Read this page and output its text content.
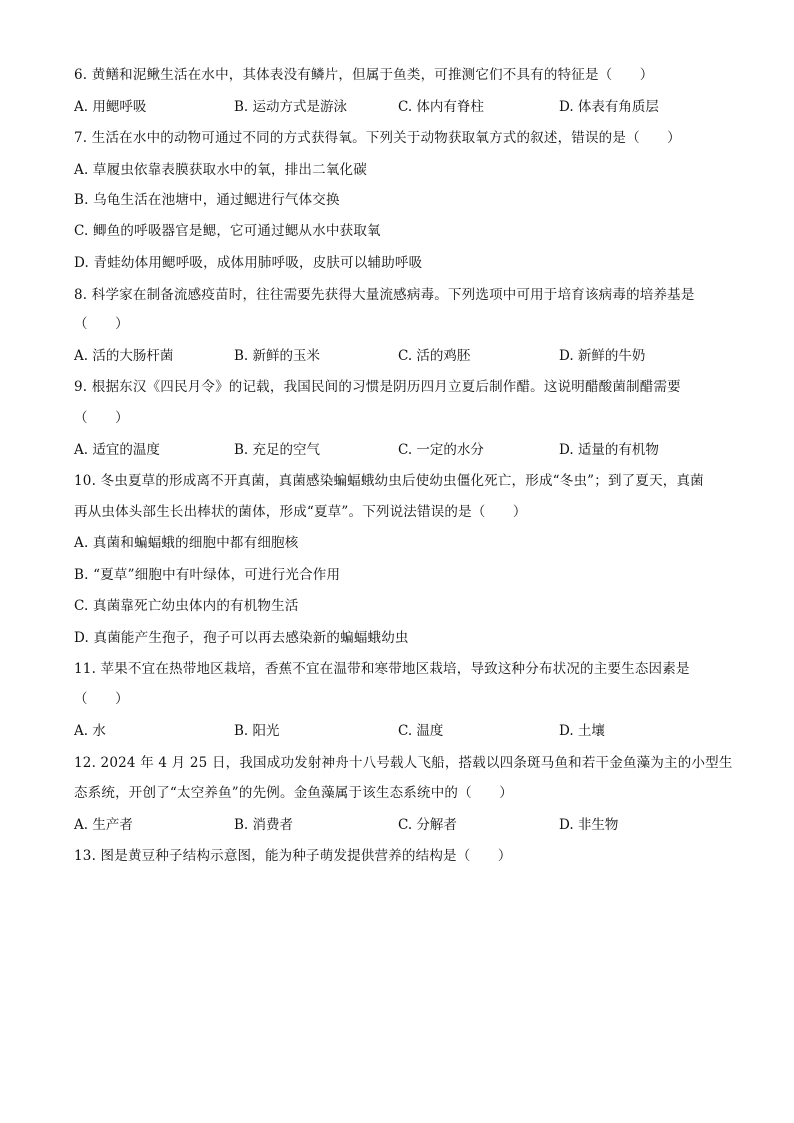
6. 黄鳝和泥鳅生活在水中，其体表没有鳞片，但属于鱼类，可推测它们不具有的特征是（　　）
A. 用鳃呼吸	B. 运动方式是游泳	C. 体内有脊柱	D. 体表有角质层
7. 生活在水中的动物可通过不同的方式获得氧。下列关于动物获取氧方式的叙述，错误的是（　　）
A. 草履虫依靠表膜获取水中的氧，排出二氧化碳
B. 乌龟生活在池塘中，通过鳃进行气体交换
C. 鲫鱼的呼吸器官是鳃，它可通过鳃从水中获取氧
D. 青蛙幼体用鳃呼吸，成体用肺呼吸，皮肤可以辅助呼吸
8. 科学家在制备流感疫苗时，往往需要先获得大量流感病毒。下列选项中可用于培育该病毒的培养基是
（　　）
A. 活的大肠杆菌	B. 新鲜的玉米	C. 活的鸡胚	D. 新鲜的牛奶
9. 根据东汉《四民月令》的记载，我国民间的习惯是阴历四月立夏后制作醋。这说明醋酸菌制醋需要
（　　）
A. 适宜的温度	B. 充足的空气	C. 一定的水分	D. 适量的有机物
10. 冬虫夏草的形成离不开真菌，真菌感染蝙蝠蛾幼虫后使幼虫僵化死亡，形成“冬虫”；到了夏天，真菌
再从虫体头部生长出棒状的菌体，形成“夏草”。下列说法错误的是（　　）
A. 真菌和蝙蝠蛾的细胞中都有细胞核
B. “夏草”细胞中有叶绿体，可进行光合作用
C. 真菌靠死亡幼虫体内的有机物生活
D. 真菌能产生孢子，孢子可以再去感染新的蝙蝠蛾幼虫
11. 苹果不宜在热带地区栽培，香蕉不宜在温带和寒带地区栽培，导致这种分布状况的主要生态因素是
（　　）
A. 水	B. 阳光	C. 温度	D. 土壤
12. 2024 年 4 月 25 日，我国成功发射神舟十八号载人飞船，搭载以四条斑马鱼和若干金鱼藻为主的小型生
态系统，开创了“太空养鱼”的先例。金鱼藻属于该生态系统中的（　　）
A. 生产者	B. 消费者	C. 分解者	D. 非生物
13. 图是黄豆种子结构示意图，能为种子萌发提供营养的结构是（　　）
